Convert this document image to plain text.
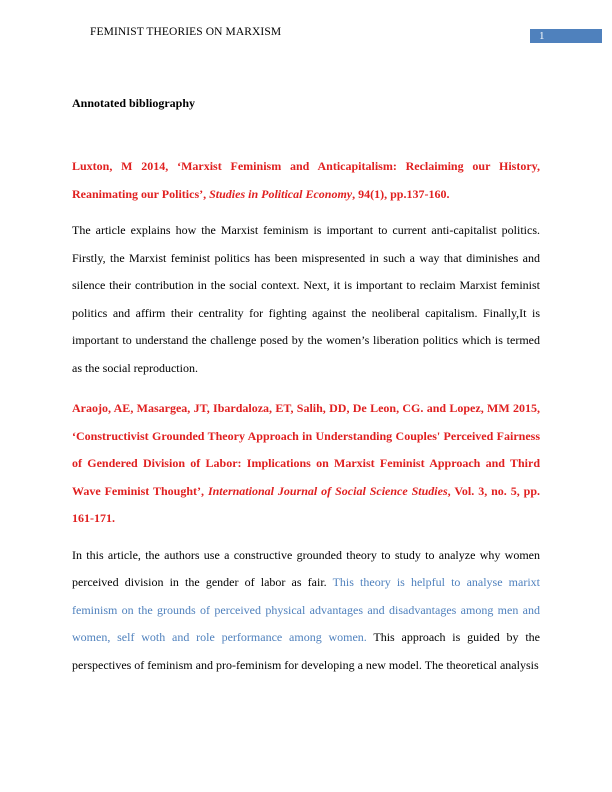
FEMINIST THEORIES ON MARXISM	1

Annotated bibliography

Luxton, M 2014, ‘Marxist Feminism and Anticapitalism: Reclaiming our History, Reanimating our Politics’, Studies in Political Economy, 94(1), pp.137-160.

The article explains how the Marxist feminism is important to current anti-capitalist politics. Firstly, the Marxist feminist politics has been mispresented in such a way that diminishes and silence their contribution in the social context. Next, it is important to reclaim Marxist feminist politics and affirm their centrality for fighting against the neoliberal capitalism. Finally,It is important to understand the challenge posed by the women’s liberation politics which is termed as the social reproduction.

Araojo, AE, Masargea, JT, Ibardaloza, ET, Salih, DD, De Leon, CG. and Lopez, MM 2015, ‘Constructivist Grounded Theory Approach in Understanding Couples' Perceived Fairness of Gendered Division of Labor: Implications on Marxist Feminist Approach and Third Wave Feminist Thought’, International Journal of Social Science Studies, Vol. 3, no. 5, pp. 161-171.

In this article, the authors use a constructive grounded theory to study to analyze why women perceived division in the gender of labor as fair. This theory is helpful to analyse marixt feminism on the grounds of perceived physical advantages and disadvantages among men and women, self woth and role performance among women. This approach is guided by the perspectives of feminism and pro-feminism for developing a new model. The theoretical analysis
